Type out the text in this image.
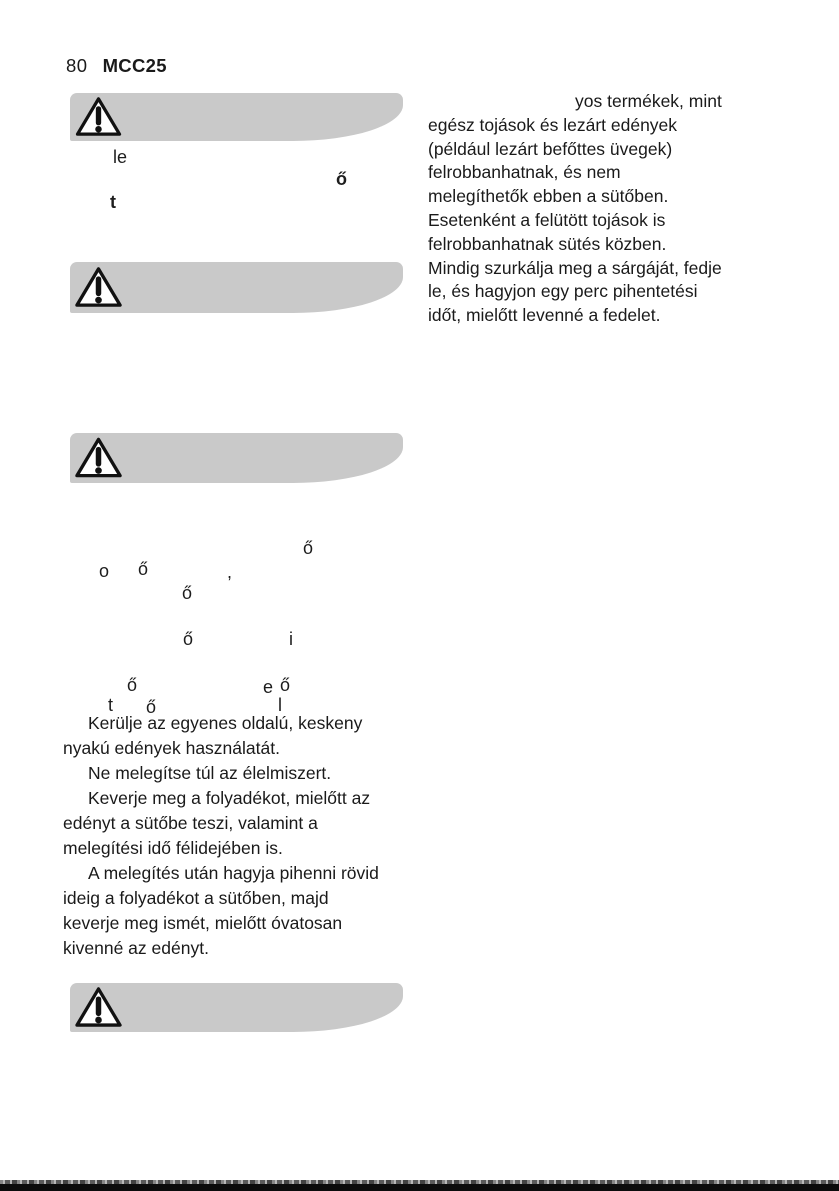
80 MCC25
yos termékek, mint
egész tojások és lezárt edények
(például lezárt befőttes üvegek)
felrobbanhatnak, és nem
melegíthetők ebben a sütőben.
Esetenként a felütött tojások is
felrobbanhatnak sütés közben.
Mindig szurkálja meg a sárgáját, fedje
le, és hagyjon egy perc pihentetési
időt, mielőtt levenné a fedelet.
Kerülje az egyenes oldalú, keskeny
nyakú edények használatát.
Ne melegítse túl az élelmiszert.
Keverje meg a folyadékot, mielőtt az
edényt a sütőbe teszi, valamint a
melegítési idő félidejében is.
A melegítés után hagyja pihenni rövid
ideig a folyadékot a sütőben, majd
keverje meg ismét, mielőtt óvatosan
kivenné az edényt.
le
ő
t
ő
o ő	,
ő
ő	i
ő	e ő
t ő	l
